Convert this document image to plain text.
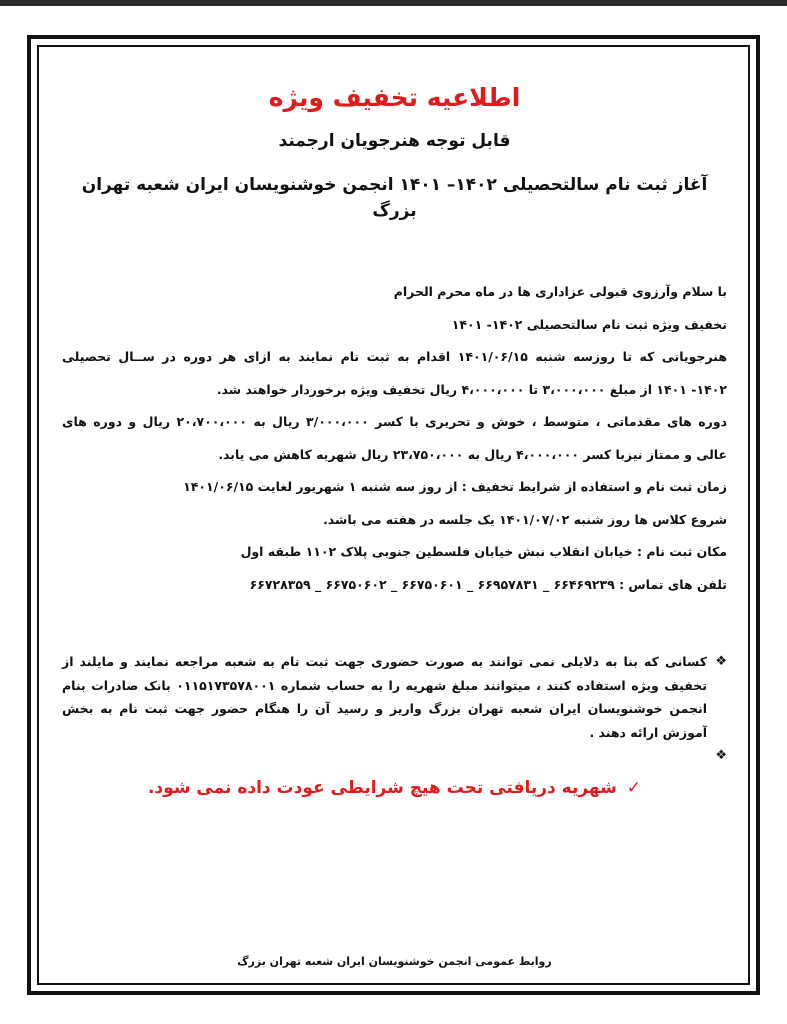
اطلاعیه تخفیف ویژه
قابل توجه هنرجویان ارجمند
آغاز ثبت نام سالتحصیلی ۱۴۰۲– ۱۴۰۱ انجمن خوشنویسان ایران شعبه تهران بزرگ
با سلام وآرزوی قبولی عزاداری ها در ماه محرم الحرام
تخفیف ویژه ثبت نام سالتحصیلی ۱۴۰۲- ۱۴۰۱
هنرجویانی که تا روزسه شنبه ۱۴۰۱/۰۶/۱۵ اقدام به ثبت نام نمایند به ازای هر دوره در ســال تحصیلی
۱۴۰۲- ۱۴۰۱ از مبلغ ۳،۰۰۰،۰۰۰ تا ۴،۰۰۰،۰۰۰ ریال تخفیف ویژه برخوردار خواهند شد.
دوره های مقدماتی ، متوسط ، خوش و تحریری با کسر ۳/۰۰۰،۰۰۰ ریال به ۲۰،۷۰۰،۰۰۰ ریال و دوره های
عالی و ممتاز نیزبا کسر ۴،۰۰۰،۰۰۰ ریال به ۲۳،۷۵۰،۰۰۰ ریال شهریه کاهش می یابد.
زمان ثبت نام و استفاده از شرایط تخفیف : از روز سه شنبه ۱ شهریور لغایت ۱۴۰۱/۰۶/۱۵
شروع کلاس ها روز شنبه ۱۴۰۱/۰۷/۰۲ یک جلسه در هفته می باشد.
مکان ثبت نام : خیابان انقلاب نبش خیابان فلسطین جنوبی پلاک ۱۱۰۲ طبقه اول
تلفن های تماس : ۶۶۴۶۹۲۳۹ _ ۶۶۹۵۷۸۳۱ _ ۶۶۷۵۰۶۰۱ _ ۶۶۷۵۰۶۰۲ _ ۶۶۷۲۸۳۵۹
❖
کسانی که بنا به دلایلی نمی توانند به صورت حضوری جهت ثبت نام به شعبه مراجعه نمایند و مایلند از تخفیف ویژه استفاده کنند ، میتوانند مبلغ شهریه را به حساب شماره ۰۱۱۵۱۷۳۵۷۸۰۰۱ بانک صادرات بنام انجمن خوشنویسان ایران شعبه تهران بزرگ واریز و رسید آن را هنگام حضور جهت ثبت نام به بخش آموزش ارائه دهند .
❖
✓ شهریه دریافتی تحت هیچ شرایطی عودت داده نمی شود.
روابط عمومی انجمن خوشنویسان ایران شعبه تهران بزرگ
